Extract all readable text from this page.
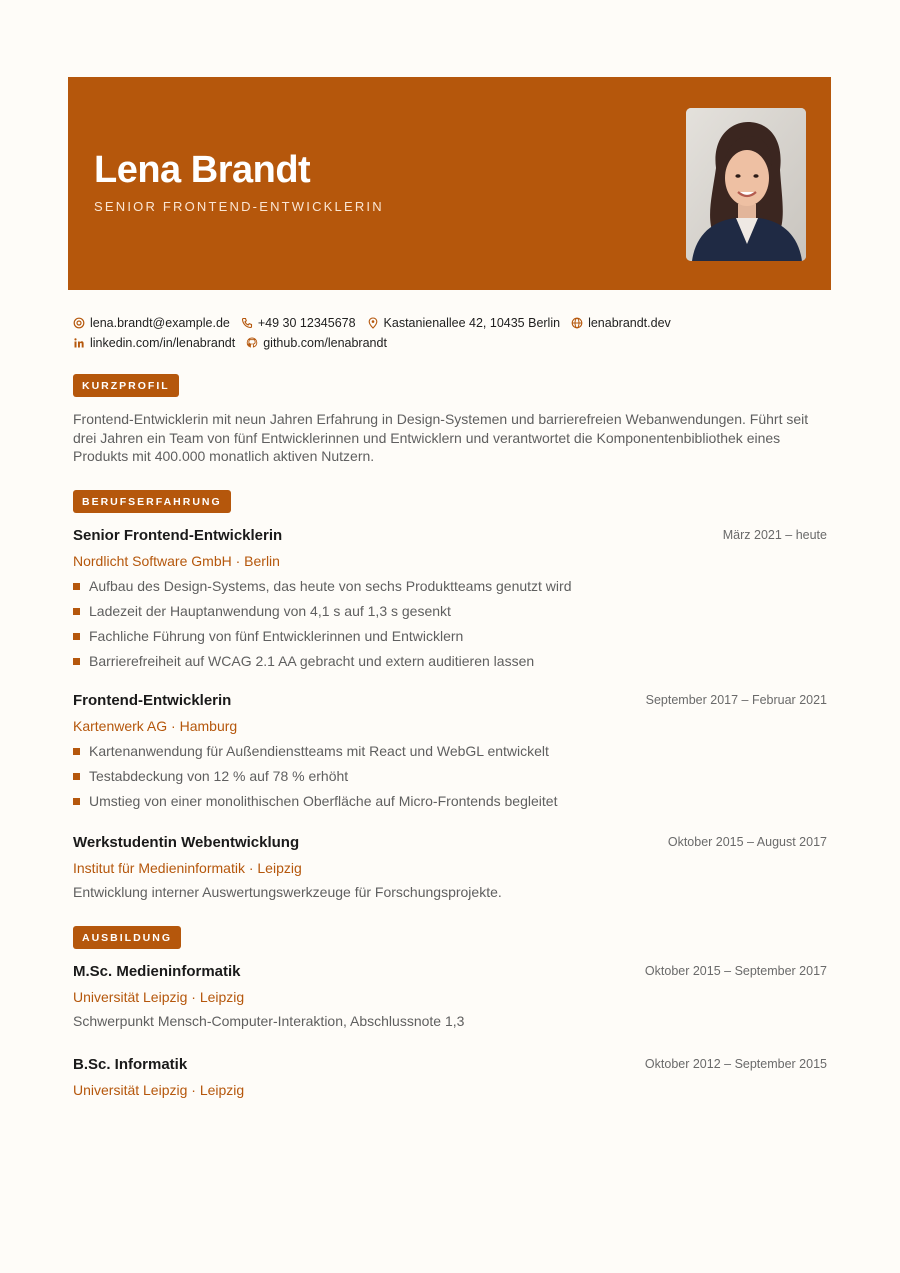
Lena Brandt
SENIOR FRONTEND-ENTWICKLERIN
lena.brandt@example.de +49 30 12345678 Kastanienallee 42, 10435 Berlin lenabrandt.dev
linkedin.com/in/lenabrandt github.com/lenabrandt
KURZPROFIL
Frontend-Entwicklerin mit neun Jahren Erfahrung in Design-Systemen und barrierefreien Webanwendungen. Führt seit drei Jahren ein Team von fünf Entwicklerinnen und Entwicklern und verantwortet die Komponentenbibliothek eines Produkts mit 400.000 monatlich aktiven Nutzern.
BERUFSERFAHRUNG
Senior Frontend-Entwicklerin	März 2021 – heute
Nordlicht Software GmbH · Berlin
Aufbau des Design-Systems, das heute von sechs Produktteams genutzt wird
Ladezeit der Hauptanwendung von 4,1 s auf 1,3 s gesenkt
Fachliche Führung von fünf Entwicklerinnen und Entwicklern
Barrierefreiheit auf WCAG 2.1 AA gebracht und extern auditieren lassen
Frontend-Entwicklerin	September 2017 – Februar 2021
Kartenwerk AG · Hamburg
Kartenanwendung für Außendienstteams mit React und WebGL entwickelt
Testabdeckung von 12 % auf 78 % erhöht
Umstieg von einer monolithischen Oberfläche auf Micro-Frontends begleitet
Werkstudentin Webentwicklung	Oktober 2015 – August 2017
Institut für Medieninformatik · Leipzig
Entwicklung interner Auswertungswerkzeuge für Forschungsprojekte.
AUSBILDUNG
M.Sc. Medieninformatik	Oktober 2015 – September 2017
Universität Leipzig · Leipzig
Schwerpunkt Mensch-Computer-Interaktion, Abschlussnote 1,3
B.Sc. Informatik	Oktober 2012 – September 2015
Universität Leipzig · Leipzig
